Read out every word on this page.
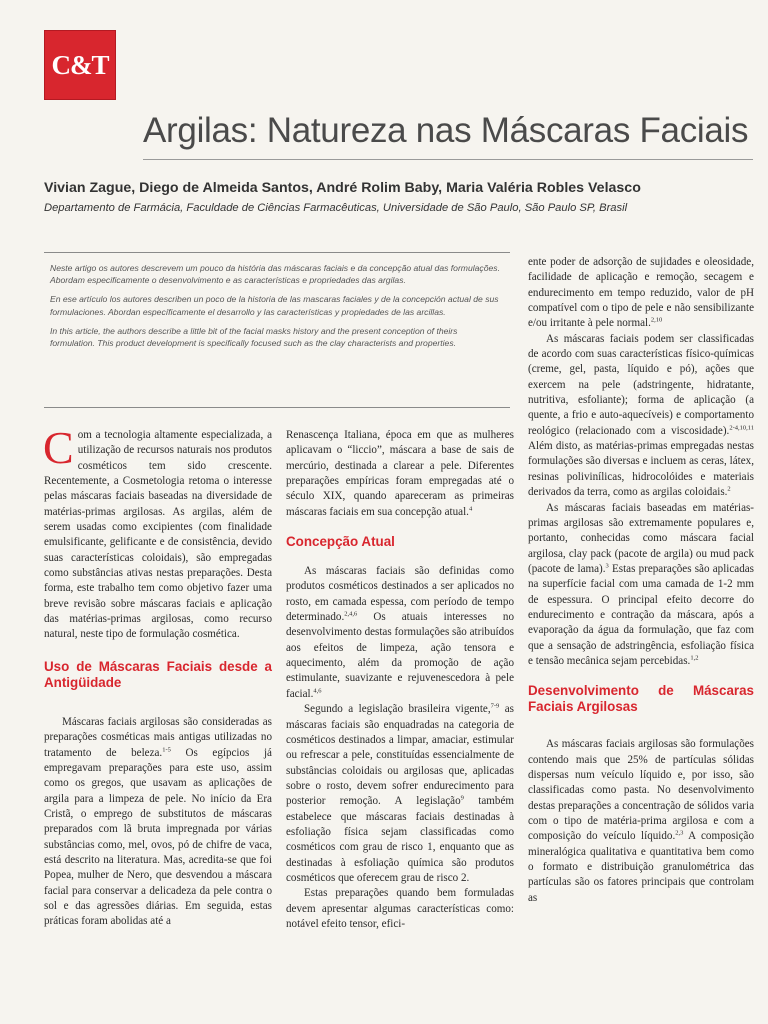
C&T
Argilas: Natureza nas Máscaras Faciais
Vivian Zague, Diego de Almeida Santos, André Rolim Baby, Maria Valéria Robles Velasco
Departamento de Farmácia, Faculdade de Ciências Farmacêuticas, Universidade de São Paulo, São Paulo SP, Brasil

Neste artigo os autores descrevem um pouco da história das máscaras faciais e da concepção atual das formulações. Abordam especificamente o desenvolvimento e as características e propriedades das argilas.

En ese artículo los autores describen un poco de la historia de las mascaras faciales y de la concepción actual de sus formulaciones. Abordan específicamente el desarrollo y las características y propiedades de las arcillas.

In this article, the authors describe a little bit of the facial masks history and the present conception of theirs formulation. This product development is specifically focused such as the clay characterists and properties.

Com a tecnologia altamente especializada, a utilização de recursos naturais nos produtos cosméticos tem sido crescente. Recentemente, a Cosmetologia retoma o interesse pelas máscaras faciais baseadas na diversidade de matérias-primas argilosas. As argilas, além de serem usadas como excipientes (com finalidade emulsificante, gelificante e de consistência, devido suas características coloidais), são empregadas como substâncias ativas nestas preparações. Desta forma, este trabalho tem como objetivo fazer uma breve revisão sobre máscaras faciais e aplicação das matérias-primas argilosas, como recurso natural, neste tipo de formulação cosmética.

Uso de Máscaras Faciais desde a Antigüidade

Máscaras faciais argilosas são consideradas as preparações cosméticas mais antigas utilizadas no tratamento de beleza.$^{1-5}$ Os egípcios já empregavam preparações para este uso, assim como os gregos, que usavam as aplicações de argila para a limpeza de pele. No início da Era Cristã, o emprego de substitutos de máscaras preparados com lã bruta impregnada por várias substâncias como, mel, ovos, pó de chifre de vaca, está descrito na literatura. Mas, acredita-se que foi Popea, mulher de Nero, que desvendou a máscara facial para conservar a delicadeza da pele contra o sol e das agressões diárias. Em seguida, estas práticas foram abolidas até a

Renascença Italiana, época em que as mulheres aplicavam o “liccio”, máscara a base de sais de mercúrio, destinada a clarear a pele. Diferentes preparações empíricas foram empregadas até o século XIX, quando apareceram as primeiras máscaras faciais em sua concepção atual.$^4$

Concepção Atual

As máscaras faciais são definidas como produtos cosméticos destinados a ser aplicados no rosto, em camada espessa, com período de tempo determinado.$^{2,4,6}$ Os atuais interesses no desenvolvimento destas formulações são atribuídos aos efeitos de limpeza, ação tensora e aquecimento, além da promoção de ação estimulante, suavizante e rejuvenescedora à pele facial.$^{4,6}$

Segundo a legislação brasileira vigente,$^{7-9}$ as máscaras faciais são enquadradas na categoria de cosméticos destinados a limpar, amaciar, estimular ou refrescar a pele, constituídas essencialmente de substâncias coloidais ou argilosas que, aplicadas sobre o rosto, devem sofrer endurecimento para posterior remoção. A legislação$^9$ também estabelece que máscaras faciais destinadas à esfoliação física sejam classificadas como cosméticos com grau de risco 1, enquanto que as destinadas à esfoliação química são produtos cosméticos que oferecem grau de risco 2.

Estas preparações quando bem formuladas devem apresentar algumas características como: notável efeito tensor, efici-

ente poder de adsorção de sujidades e oleosidade, facilidade de aplicação e remoção, secagem e endurecimento em tempo reduzido, valor de pH compatível com o tipo de pele e não sensibilizante e/ou irritante à pele normal.$^{2,10}$

As máscaras faciais podem ser classificadas de acordo com suas características físico-químicas (creme, gel, pasta, líquido e pó), ações que exercem na pele (adstringente, hidratante, nutritiva, esfoliante); forma de aplicação (a quente, a frio e auto-aquecíveis) e comportamento reológico (relacionado com a viscosidade).$^{2-4,10,11}$ Além disto, as matérias-primas empregadas nestas formulações são diversas e incluem as ceras, látex, resinas polivinílicas, hidrocolóides e materiais derivados da terra, como as argilas coloidais.$^2$

As máscaras faciais baseadas em matérias-primas argilosas são extremamente populares e, portanto, conhecidas como máscara facial argilosa, clay pack (pacote de argila) ou mud pack (pacote de lama).$^3$ Estas preparações são aplicadas na superfície facial com uma camada de 1-2 mm de espessura. O principal efeito decorre do endurecimento e contração da máscara, após a evaporação da água da formulação, que faz com que a sensação de adstringência, esfoliação física e tensão mecânica sejam percebidas.$^{1,2}$

Desenvolvimento de Máscaras Faciais Argilosas

As máscaras faciais argilosas são formulações contendo mais que 25% de partículas sólidas dispersas num veículo líquido e, por isso, são classificadas como pasta. No desenvolvimento destas preparações a concentração de sólidos varia com o tipo de matéria-prima argilosa e com a composição do veículo líquido.$^{2,3}$ A composição mineralógica qualitativa e quantitativa bem como o formato e distribuição granulométrica das partículas são os fatores principais que controlam as
